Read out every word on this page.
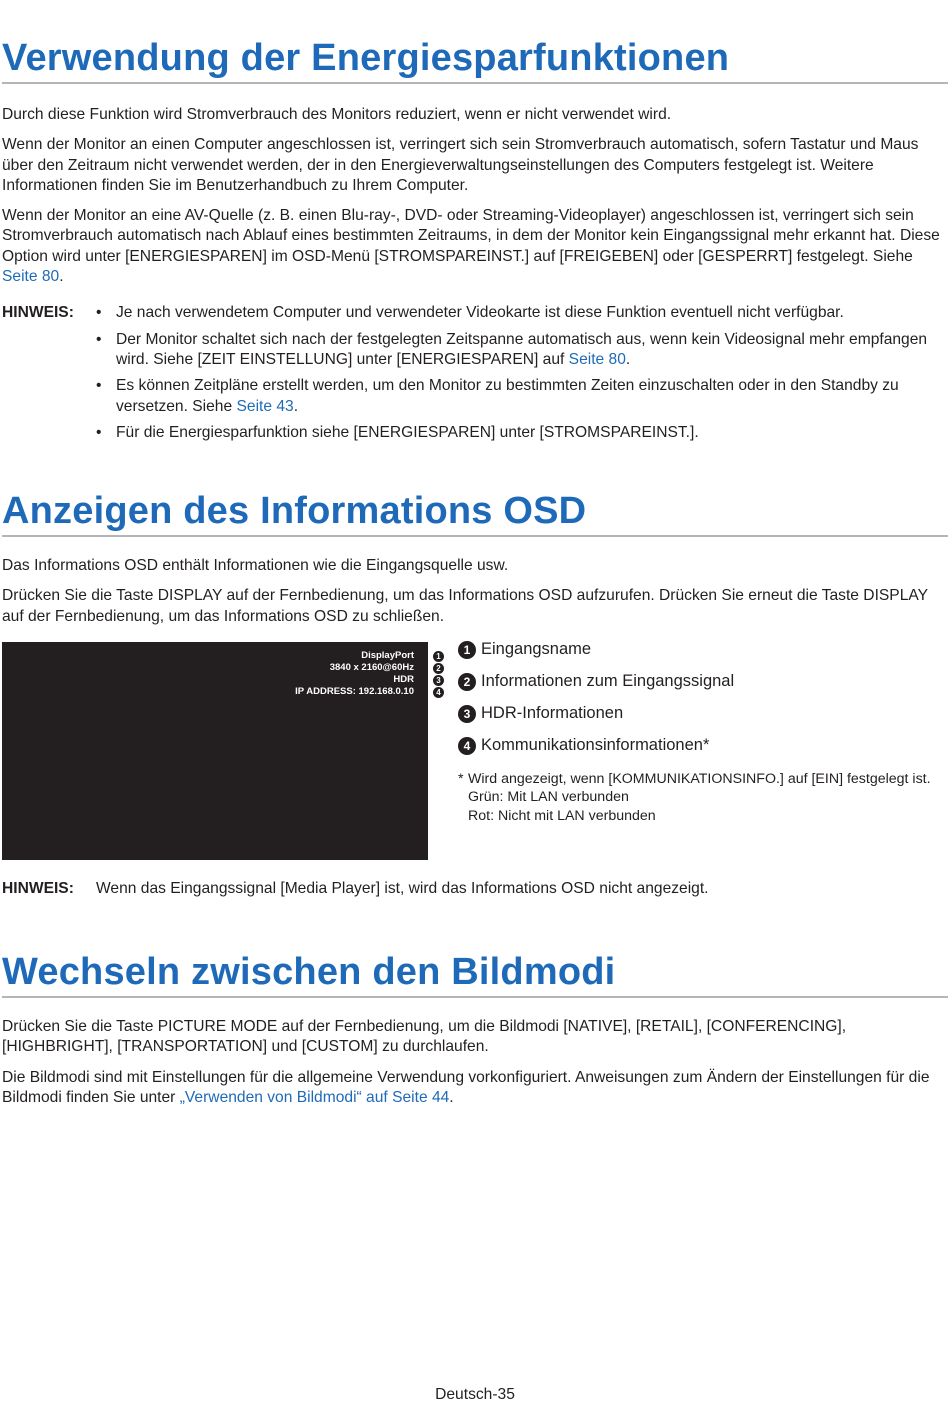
Verwendung der Energiesparfunktionen

Durch diese Funktion wird Stromverbrauch des Monitors reduziert, wenn er nicht verwendet wird.

Wenn der Monitor an einen Computer angeschlossen ist, verringert sich sein Stromverbrauch automatisch, sofern Tastatur und Maus über den Zeitraum nicht verwendet werden, der in den Energieverwaltungseinstellungen des Computers festgelegt ist. Weitere Informationen finden Sie im Benutzerhandbuch zu Ihrem Computer.

Wenn der Monitor an eine AV-Quelle (z. B. einen Blu-ray-, DVD- oder Streaming-Videoplayer) angeschlossen ist, verringert sich sein Stromverbrauch automatisch nach Ablauf eines bestimmten Zeitraums, in dem der Monitor kein Eingangssignal mehr erkannt hat. Diese Option wird unter [ENERGIESPAREN] im OSD-Menü [STROMSPAREINST.] auf [FREIGEBEN] oder [GESPERRT] festgelegt. Siehe Seite 80.

HINWEIS:	• Je nach verwendetem Computer und verwendeter Videokarte ist diese Funktion eventuell nicht verfügbar.
• Der Monitor schaltet sich nach der festgelegten Zeitspanne automatisch aus, wenn kein Videosignal mehr empfangen wird. Siehe [ZEIT EINSTELLUNG] unter [ENERGIESPAREN] auf Seite 80.
• Es können Zeitpläne erstellt werden, um den Monitor zu bestimmten Zeiten einzuschalten oder in den Standby zu versetzen. Siehe Seite 43.
• Für die Energiesparfunktion siehe [ENERGIESPAREN] unter [STROMSPAREINST.].
Anzeigen des Informations OSD

Das Informations OSD enthält Informationen wie die Eingangsquelle usw.

Drücken Sie die Taste DISPLAY auf der Fernbedienung, um das Informations OSD aufzurufen. Drücken Sie erneut die Taste DISPLAY auf der Fernbedienung, um das Informations OSD zu schließen.

DisplayPort
3840 x 2160@60Hz
HDR
IP ADDRESS: 192.168.0.10
1
2
3
4
1 Eingangsname
2 Informationen zum Eingangssignal
3 HDR-Informationen
4 Kommunikationsinformationen*
* Wird angezeigt, wenn [KOMMUNIKATIONSINFO.] auf [EIN] festgelegt ist.
Grün: Mit LAN verbunden
Rot: Nicht mit LAN verbunden
HINWEIS:	Wenn das Eingangssignal [Media Player] ist, wird das Informations OSD nicht angezeigt.
Wechseln zwischen den Bildmodi

Drücken Sie die Taste PICTURE MODE auf der Fernbedienung, um die Bildmodi [NATIVE], [RETAIL], [CONFERENCING], [HIGHBRIGHT], [TRANSPORTATION] und [CUSTOM] zu durchlaufen.

Die Bildmodi sind mit Einstellungen für die allgemeine Verwendung vorkonfiguriert. Anweisungen zum Ändern der Einstellungen für die Bildmodi finden Sie unter „Verwenden von Bildmodi“ auf Seite 44.

Deutsch-35
